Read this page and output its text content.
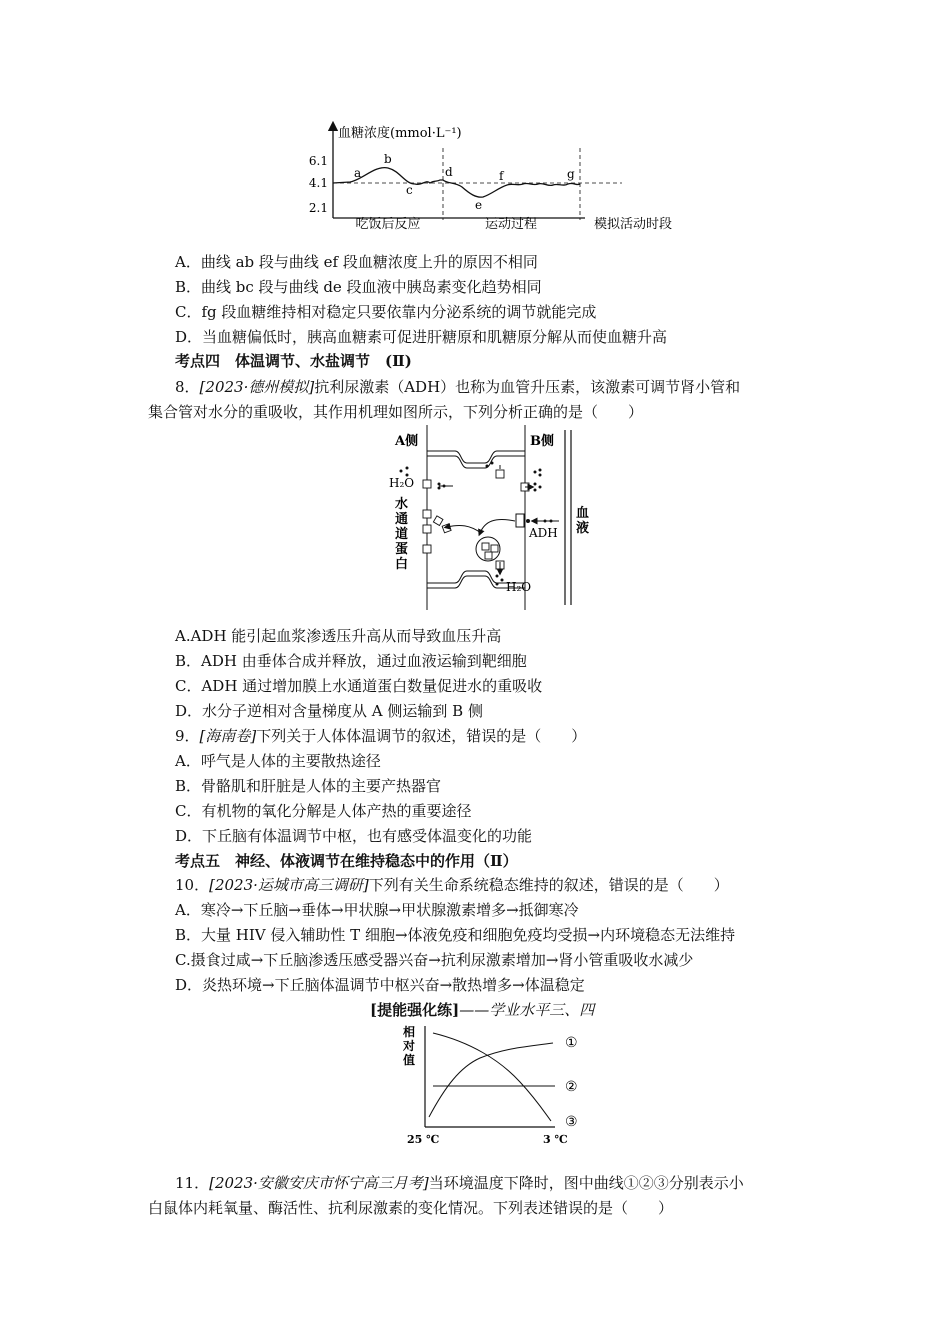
血糖浓度(mmol·L⁻¹)
6.1
4.1
2.1
a
b
c
d
e
f	g
吃饭后反应	运动过程	模拟活动时段
A．曲线 ab 段与曲线 ef 段血糖浓度上升的原因不相同
B．曲线 bc 段与曲线 de 段血液中胰岛素变化趋势相同
C．fg 段血糖维持相对稳定只要依靠内分泌系统的调节就能完成
D．当血糖偏低时，胰高血糖素可促进肝糖原和肌糖原分解从而使血糖升高
考点四　体温调节、水盐调节　(Ⅱ)
8．[2023·德州模拟]抗利尿激素（ADH）也称为血管升压素，该激素可调节肾小管和
集合管对水分的重吸收，其作用机理如图所示，下列分析正确的是（　　）
A侧	B侧
H₂O
H₂O
ADH
水
通
道
蛋
白
血
液
A.ADH 能引起血浆渗透压升高从而导致血压升高
B．ADH 由垂体合成并释放，通过血液运输到靶细胞
C．ADH 通过增加膜上水通道蛋白数量促进水的重吸收
D．水分子逆相对含量梯度从 A 侧运输到 B 侧
9．[海南卷]下列关于人体体温调节的叙述，错误的是（　　）
A．呼气是人体的主要散热途径
B．骨骼肌和肝脏是人体的主要产热器官
C．有机物的氧化分解是人体产热的重要途径
D．下丘脑有体温调节中枢，也有感受体温变化的功能
考点五　神经、体液调节在维持稳态中的作用（Ⅱ）
10．[2023·运城市高三调研]下列有关生命系统稳态维持的叙述，错误的是（　　）
A．寒冷→下丘脑→垂体→甲状腺→甲状腺激素增多→抵御寒冷
B．大量 HIV 侵入辅助性 T 细胞→体液免疫和细胞免疫均受损→内环境稳态无法维持
C.摄食过咸→下丘脑渗透压感受器兴奋→抗利尿激素增加→肾小管重吸收水减少
D．炎热环境→下丘脑体温调节中枢兴奋→散热增多→体温稳定
[提能强化练]——学业水平三、四
相
对
值
①
②
③
25 ℃	3 ℃
11．[2023·安徽安庆市怀宁高三月考]当环境温度下降时，图中曲线①②③分别表示小
白鼠体内耗氧量、酶活性、抗利尿激素的变化情况。下列表述错误的是（　　）
